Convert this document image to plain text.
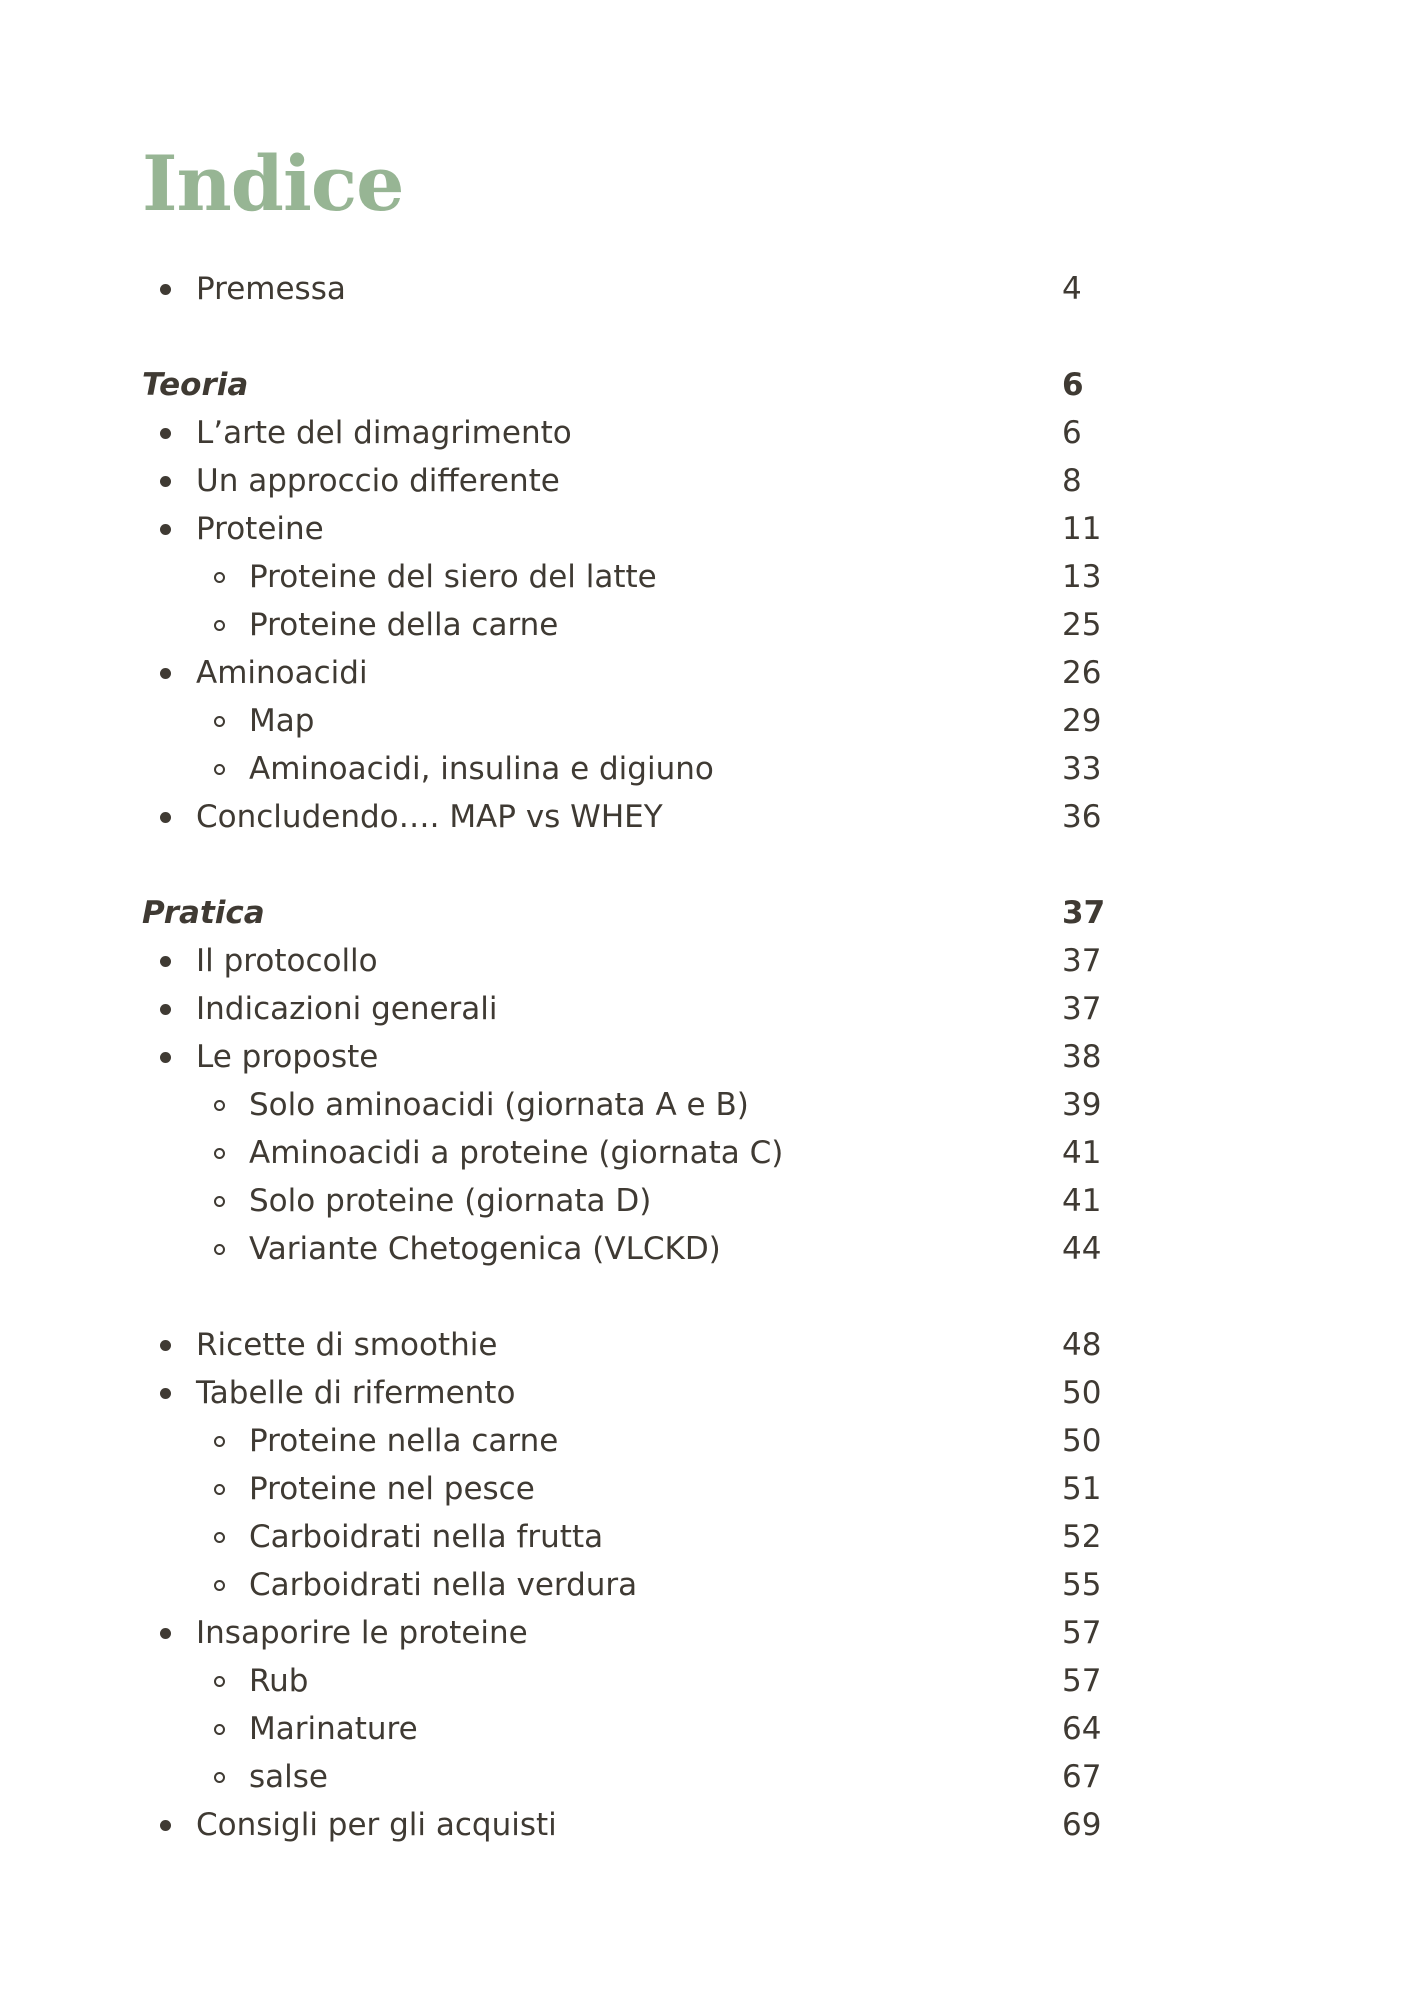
Indice
Premessa	4
Teoria	6
L’arte del dimagrimento	6
Un approccio differente	8
Proteine	11
Proteine del siero del latte	13
Proteine della carne	25
Aminoacidi	26
Map	29
Aminoacidi, insulina e digiuno	33
Concludendo…. MAP vs WHEY	36
Pratica	37
Il protocollo	37
Indicazioni generali	37
Le proposte	38
Solo aminoacidi (giornata A e B)	39
Aminoacidi a proteine (giornata C)	41
Solo proteine (giornata D)	41
Variante Chetogenica (VLCKD)	44
Ricette di smoothie	48
Tabelle di rifermento	50
Proteine nella carne	50
Proteine nel pesce	51
Carboidrati nella frutta	52
Carboidrati nella verdura	55
Insaporire le proteine	57
Rub	57
Marinature	64
salse	67
Consigli per gli acquisti	69
